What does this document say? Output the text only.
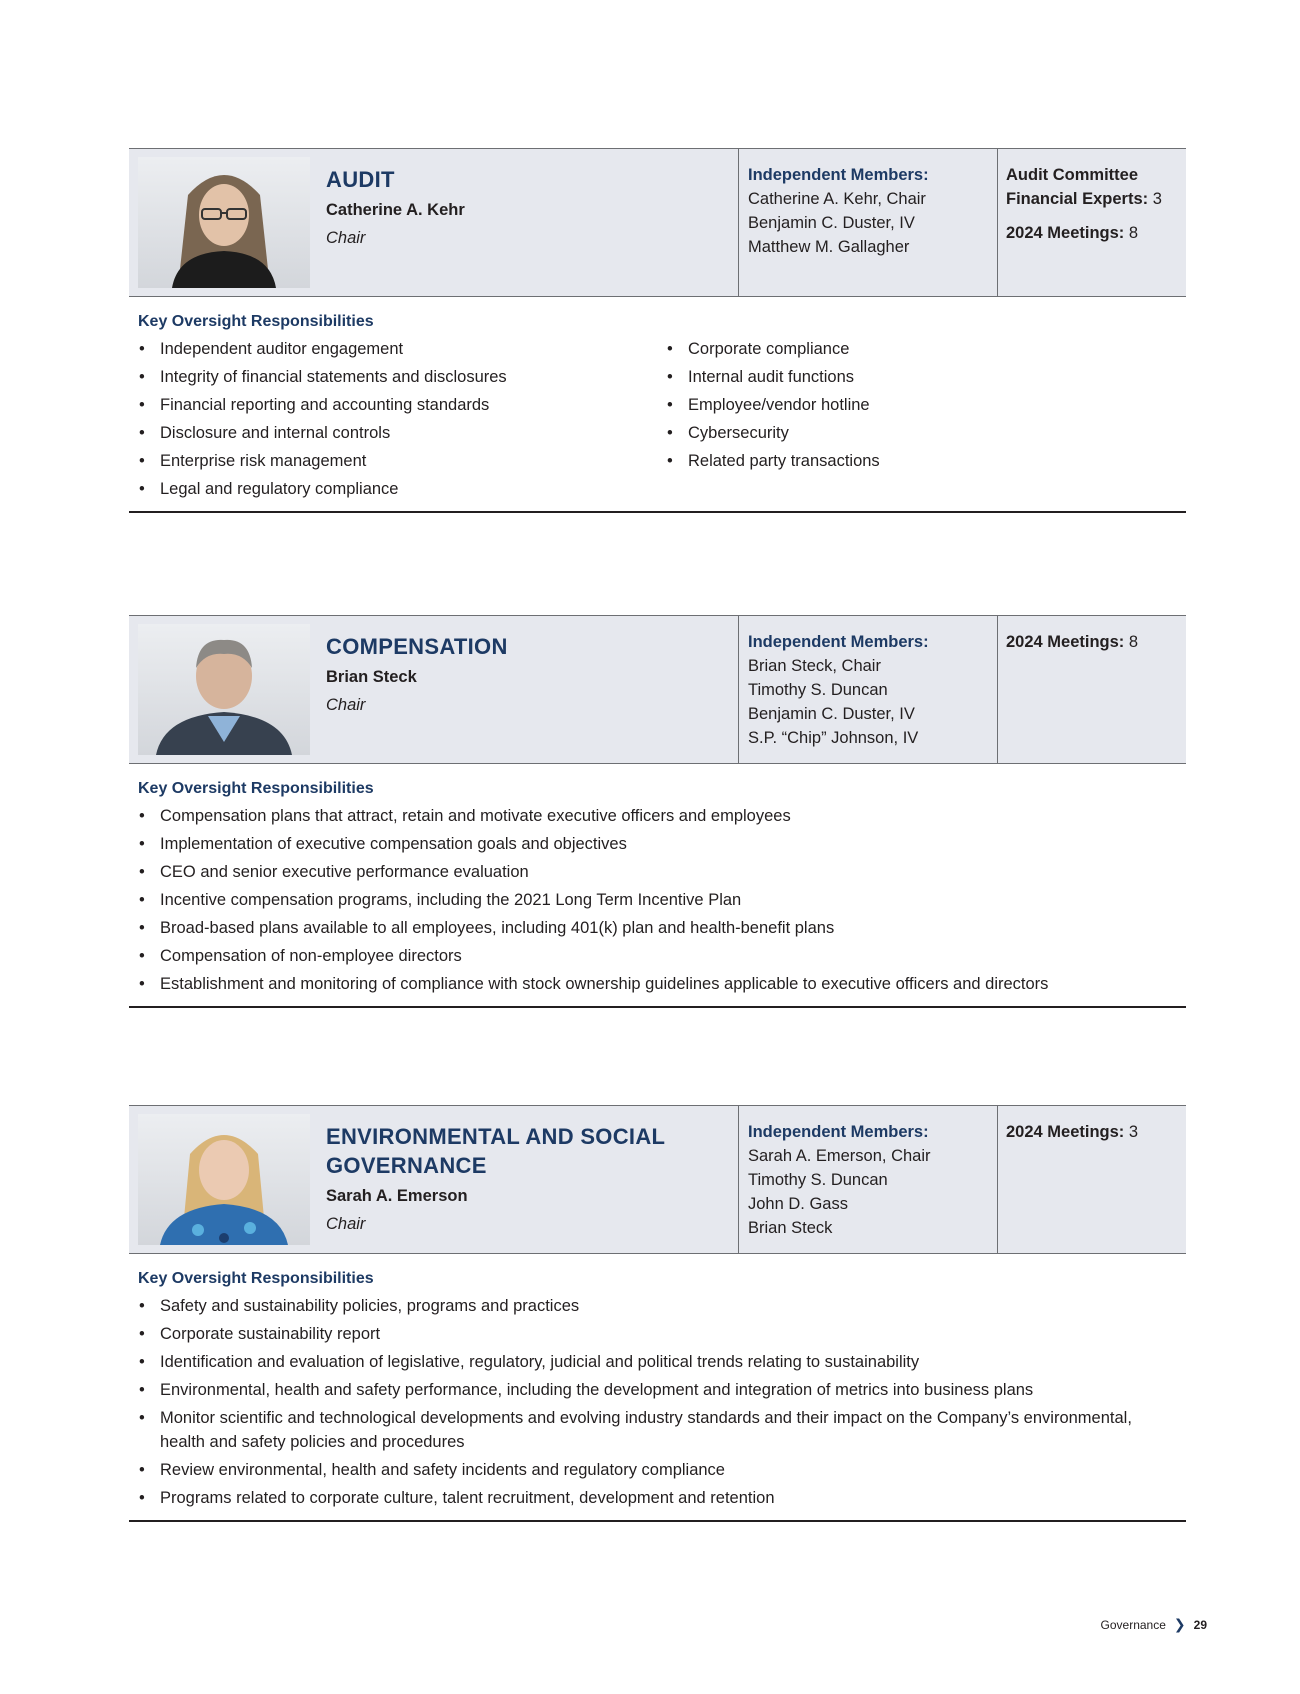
AUDIT
Catherine A. Kehr
Chair
Independent Members:
Catherine A. Kehr, Chair
Benjamin C. Duster, IV
Matthew M. Gallagher
Audit Committee
Financial Experts: 3
2024 Meetings: 8
Key Oversight Responsibilities
• Independent auditor engagement
• Integrity of financial statements and disclosures
• Financial reporting and accounting standards
• Disclosure and internal controls
• Enterprise risk management
• Legal and regulatory compliance
• Corporate compliance
• Internal audit functions
• Employee/vendor hotline
• Cybersecurity
• Related party transactions
COMPENSATION
Brian Steck
Chair
Independent Members:
Brian Steck, Chair
Timothy S. Duncan
Benjamin C. Duster, IV
S.P. “Chip” Johnson, IV
2024 Meetings: 8
Key Oversight Responsibilities
• Compensation plans that attract, retain and motivate executive officers and employees
• Implementation of executive compensation goals and objectives
• CEO and senior executive performance evaluation
• Incentive compensation programs, including the 2021 Long Term Incentive Plan
• Broad-based plans available to all employees, including 401(k) plan and health-benefit plans
• Compensation of non-employee directors
• Establishment and monitoring of compliance with stock ownership guidelines applicable to executive officers and directors
ENVIRONMENTAL AND SOCIAL GOVERNANCE
Sarah A. Emerson
Chair
Independent Members:
Sarah A. Emerson, Chair
Timothy S. Duncan
John D. Gass
Brian Steck
2024 Meetings: 3
Key Oversight Responsibilities
• Safety and sustainability policies, programs and practices
• Corporate sustainability report
• Identification and evaluation of legislative, regulatory, judicial and political trends relating to sustainability
• Environmental, health and safety performance, including the development and integration of metrics into business plans
• Monitor scientific and technological developments and evolving industry standards and their impact on the Company’s environmental, health and safety policies and procedures
• Review environmental, health and safety incidents and regulatory compliance
• Programs related to corporate culture, talent recruitment, development and retention
Governance ❯ 29
